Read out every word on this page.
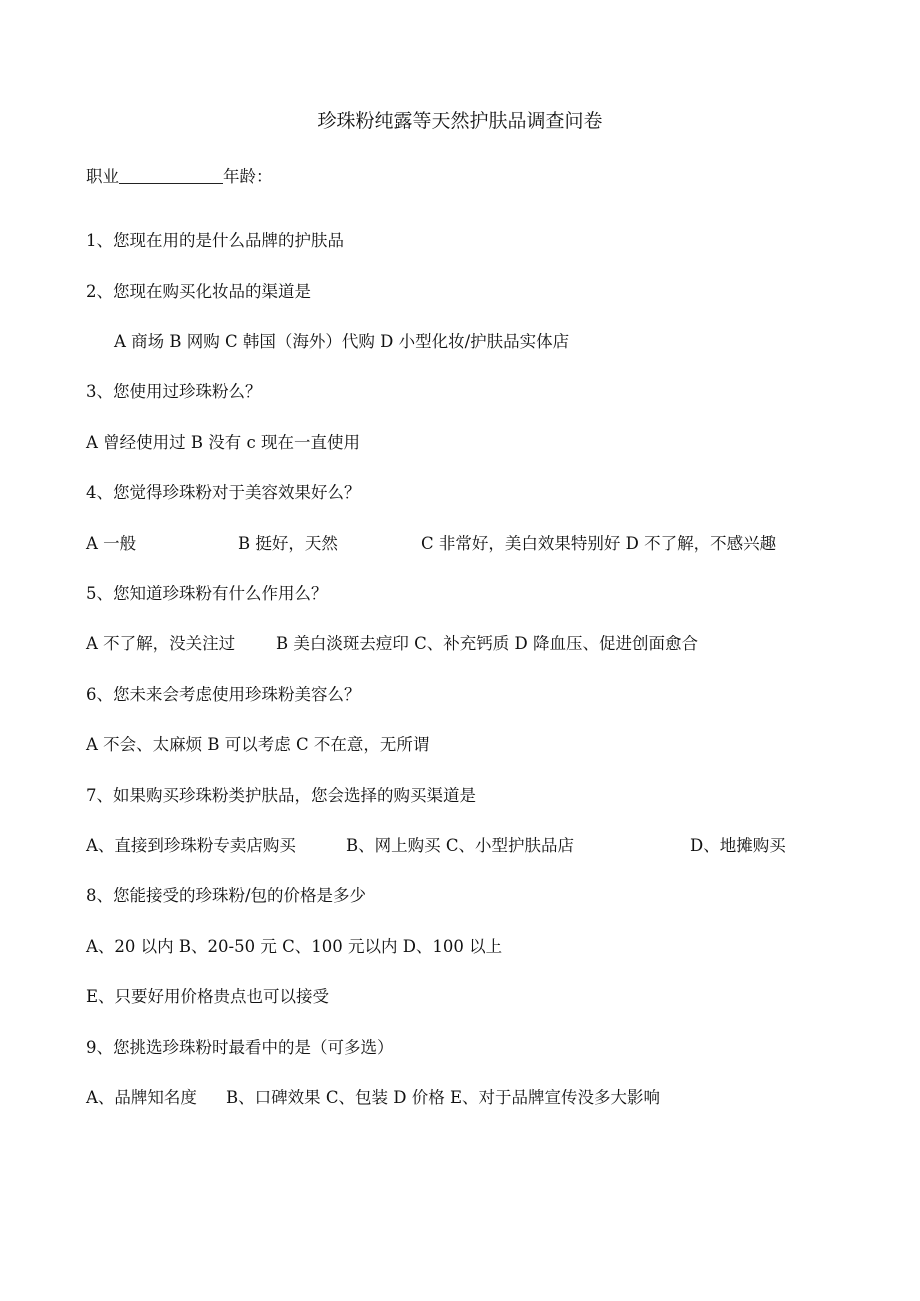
珍珠粉纯露等天然护肤品调查问卷
职业	年龄：
1、您现在用的是什么品牌的护肤品
2、您现在购买化妆品的渠道是
A 商场 B 网购 C 韩国（海外）代购 D 小型化妆/护肤品实体店
3、您使用过珍珠粉么？
A 曾经使用过 B 没有 c 现在一直使用
4、您觉得珍珠粉对于美容效果好么？

A 一般

	B 挺好，天然

	C 非常好，美白效果特别好 D 不了解，不感兴趣

5、您知道珍珠粉有什么作用么？

A 不了解，没关注过

B 美白淡斑去痘印 C、补充钙质 D 降血压、促进创面愈合

6、您未来会考虑使用珍珠粉美容么？
A 不会、太麻烦 B 可以考虑 C 不在意，无所谓
7、如果购买珍珠粉类护肤品，您会选择的购买渠道是

A、直接到珍珠粉专卖店购买

	B、网上购买 C、小型护肤品店

	D、地摊购买

8、您能接受的珍珠粉/包的价格是多少
A、20 以内 B、20-50 元 C、100 元以内 D、100 以上
E、只要好用价格贵点也可以接受
9、您挑选珍珠粉时最看中的是（可多选）

A、品牌知名度

B、口碑效果 C、包装 D 价格 E、对于品牌宣传没多大影响
